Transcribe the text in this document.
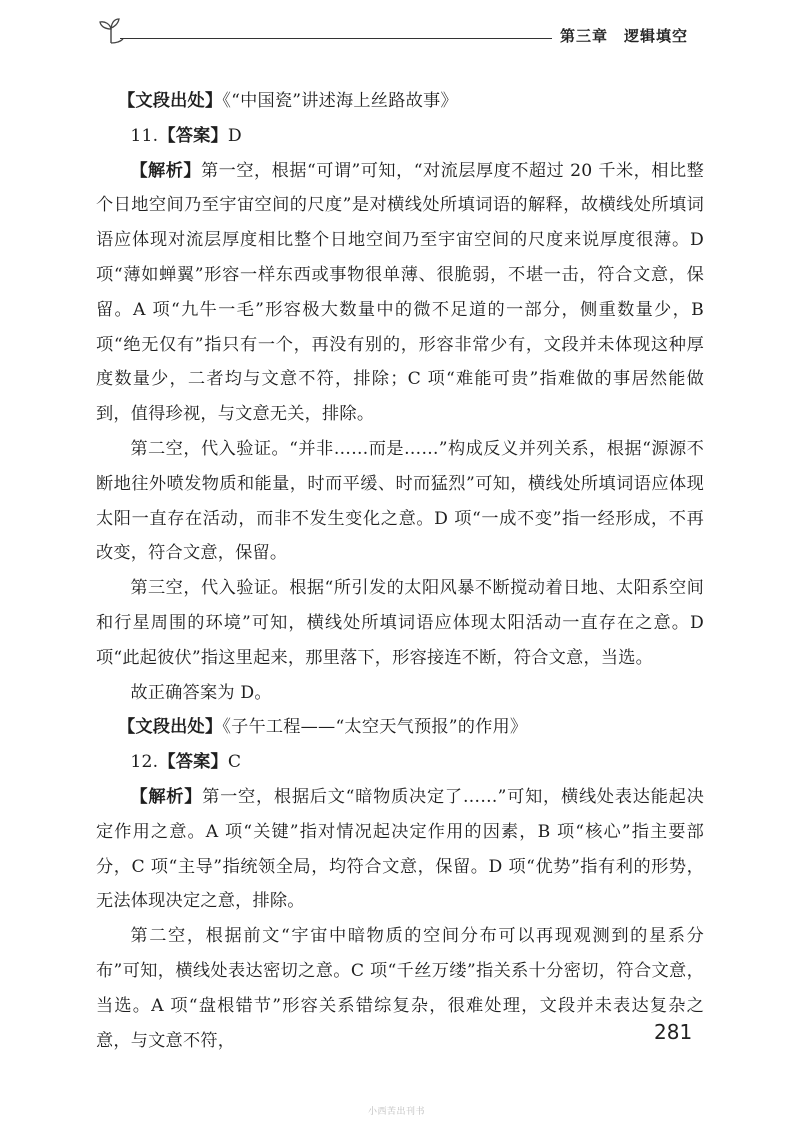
第三章 逻辑填空

【文段出处】《“中国瓷”讲述海上丝路故事》

11.【答案】D

【解析】第一空，根据“可谓”可知，“对流层厚度不超过 20 千米，相比整个日地空间乃至宇宙空间的尺度”是对横线处所填词语的解释，故横线处所填词语应体现对流层厚度相比整个日地空间乃至宇宙空间的尺度来说厚度很薄。D 项“薄如蝉翼”形容一样东西或事物很单薄、很脆弱，不堪一击，符合文意，保留。A 项“九牛一毛”形容极大数量中的微不足道的一部分，侧重数量少，B 项“绝无仅有”指只有一个，再没有别的，形容非常少有，文段并未体现这种厚度数量少，二者均与文意不符，排除；C 项“难能可贵”指难做的事居然能做到，值得珍视，与文意无关，排除。

第二空，代入验证。“并非……而是……”构成反义并列关系，根据“源源不断地往外喷发物质和能量，时而平缓、时而猛烈”可知，横线处所填词语应体现太阳一直存在活动，而非不发生变化之意。D 项“一成不变”指一经形成，不再改变，符合文意，保留。

第三空，代入验证。根据“所引发的太阳风暴不断搅动着日地、太阳系空间和行星周围的环境”可知，横线处所填词语应体现太阳活动一直存在之意。D 项“此起彼伏”指这里起来，那里落下，形容接连不断，符合文意，当选。

故正确答案为 D。

【文段出处】《子午工程——“太空天气预报”的作用》

12.【答案】C

【解析】第一空，根据后文“暗物质决定了……”可知，横线处表达能起决定作用之意。A 项“关键”指对情况起决定作用的因素，B 项“核心”指主要部分，C 项“主导”指统领全局，均符合文意，保留。D 项“优势”指有利的形势，无法体现决定之意，排除。

第二空，根据前文“宇宙中暗物质的空间分布可以再现观测到的星系分布”可知，横线处表达密切之意。C 项“千丝万缕”指关系十分密切，符合文意，当选。A 项“盘根错节”形容关系错综复杂，很难处理，文段并未表达复杂之意，与文意不符，	281
小西苦出刊书
